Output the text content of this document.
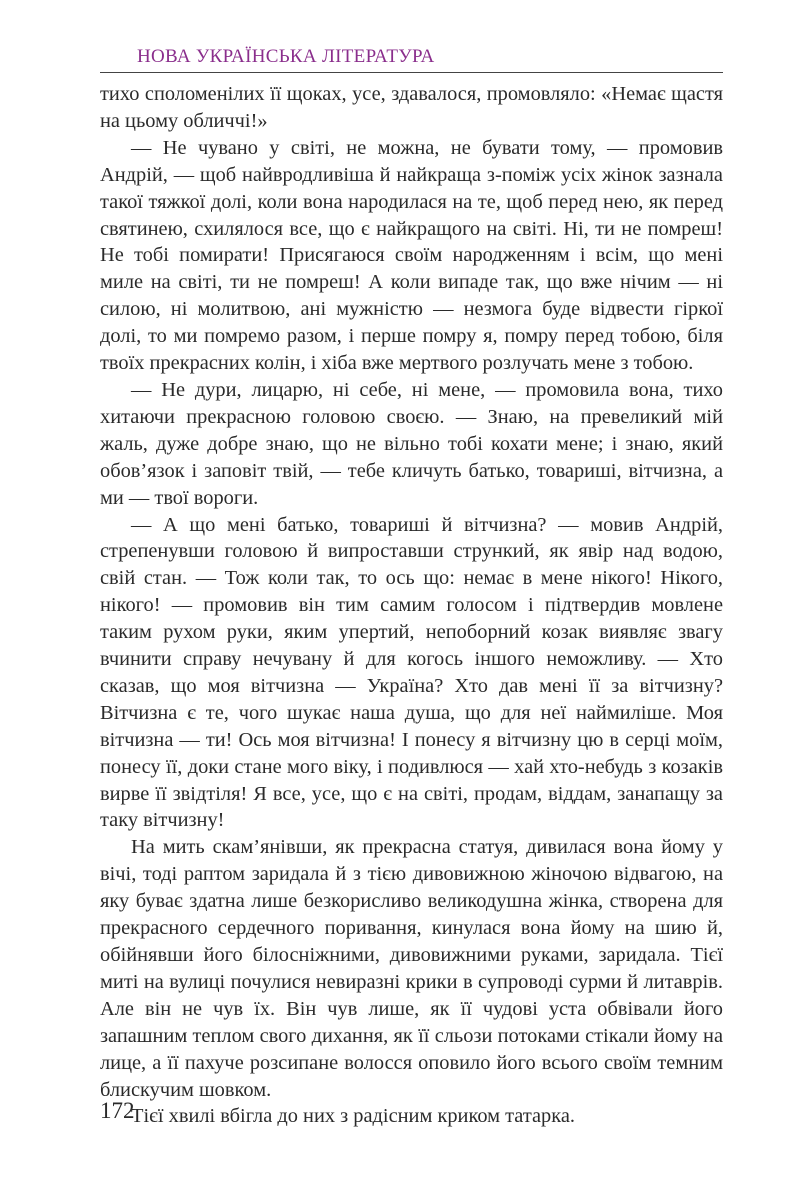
НОВА УКРАЇНСЬКА ЛІТЕРАТУРА

тихо споломенілих її щоках, усе, здавалося, промовляло: «Немає щастя на цьому обличчі!»

— Не чувано у світі, не можна, не бувати тому, — промовив Андрій, — щоб найвродливіша й найкраща з-поміж усіх жінок зазнала такої тяжкої долі, коли вона народилася на те, щоб перед нею, як перед святинею, схилялося все, що є найкращого на світі. Ні, ти не помреш! Не тобі помирати! Присягаюся своїм народженням і всім, що мені миле на світі, ти не помреш! А коли випаде так, що вже нічим — ні силою, ні молитвою, ані мужністю — незмога буде відвести гіркої долі, то ми помремо разом, і перше помру я, помру перед тобою, біля твоїх прекрасних колін, і хіба вже мертвого розлучать мене з тобою.

— Не дури, лицарю, ні себе, ні мене, — промовила вона, тихо хитаючи прекрасною головою своєю. — Знаю, на превеликий мій жаль, дуже добре знаю, що не вільно тобі кохати мене; і знаю, який обов’язок і заповіт твій, — тебе кличуть батько, товариші, вітчизна, а ми — твої вороги.

— А що мені батько, товариші й вітчизна? — мовив Андрій, стрепенувши головою й випроставши стрункий, як явір над водою, свій стан. — Тож коли так, то ось що: немає в мене нікого! Нікого, нікого! — промовив він тим самим голосом і підтвердив мовлене таким рухом руки, яким упертий, непоборний козак виявляє звагу вчинити справу нечувану й для когось іншого неможливу. — Хто сказав, що моя вітчизна — Україна? Хто дав мені її за вітчизну? Вітчизна є те, чого шукає наша душа, що для неї наймиліше. Моя вітчизна — ти! Ось моя вітчизна! І понесу я вітчизну цю в серці моїм, понесу її, доки стане мого віку, і подивлюся — хай хто-небудь з козаків вирве її звідтіля! Я все, усе, що є на світі, продам, віддам, занапащу за таку вітчизну!

На мить скам’янівши, як прекрасна статуя, дивилася вона йому у вічі, тоді раптом заридала й з тією дивовижною жіночою відвагою, на яку буває здатна лише безкорисливо великодушна жінка, створена для прекрасного сердечного поривання, кинулася вона йому на шию й, обійнявши його білосніжними, дивовижними руками, заридала. Тієї миті на вулиці почулися невиразні крики в супроводі сурми й литаврів. Але він не чув їх. Він чув лише, як її чудові уста обвівали його запашним теплом свого дихання, як її сльози потоками стікали йому на лице, а її пахуче розсипане волосся оповило його всього своїм темним блискучим шовком.

Тієї хвилі вбігла до них з радісним криком татарка.

172
